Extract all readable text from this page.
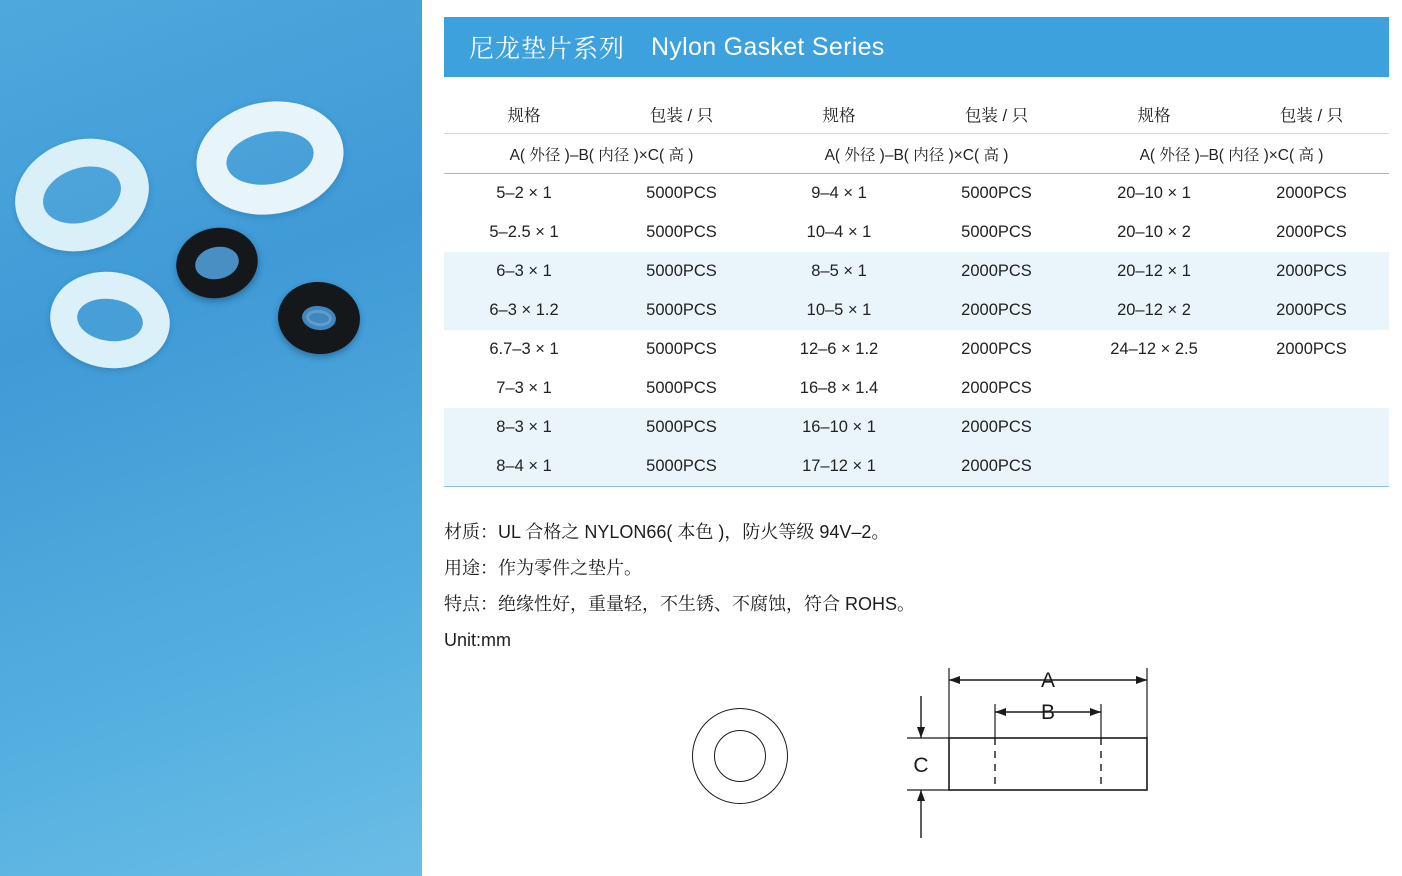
尼龙垫片系列 Nylon Gasket Series
规格	包装 / 只	规格	包装 / 只	规格	包装 / 只
A( 外径 )–B( 内径 )×C( 高 )		A( 外径 )–B( 内径 )×C( 高 )		A( 外径 )–B( 内径 )×C( 高 )	
5–2 × 1	5000PCS	9–4 × 1	5000PCS	20–10 × 1	2000PCS
5–2.5 × 1	5000PCS	10–4 × 1	5000PCS	20–10 × 2	2000PCS
6–3 × 1	5000PCS	8–5 × 1	2000PCS	20–12 × 1	2000PCS
6–3 × 1.2	5000PCS	10–5 × 1	2000PCS	20–12 × 2	2000PCS
6.7–3 × 1	5000PCS	12–6 × 1.2	2000PCS	24–12 × 2.5	2000PCS
7–3 × 1	5000PCS	16–8 × 1.4	2000PCS		
8–3 × 1	5000PCS	16–10 × 1	2000PCS		
8–4 × 1	5000PCS	17–12 × 1	2000PCS		
材质：UL 合格之 NYLON66( 本色 )，防火等级 94V–2。
用途：作为零件之垫片。
特点：绝缘性好，重量轻，不生锈、不腐蚀，符合 ROHS。
Unit:mm
A
B
C
